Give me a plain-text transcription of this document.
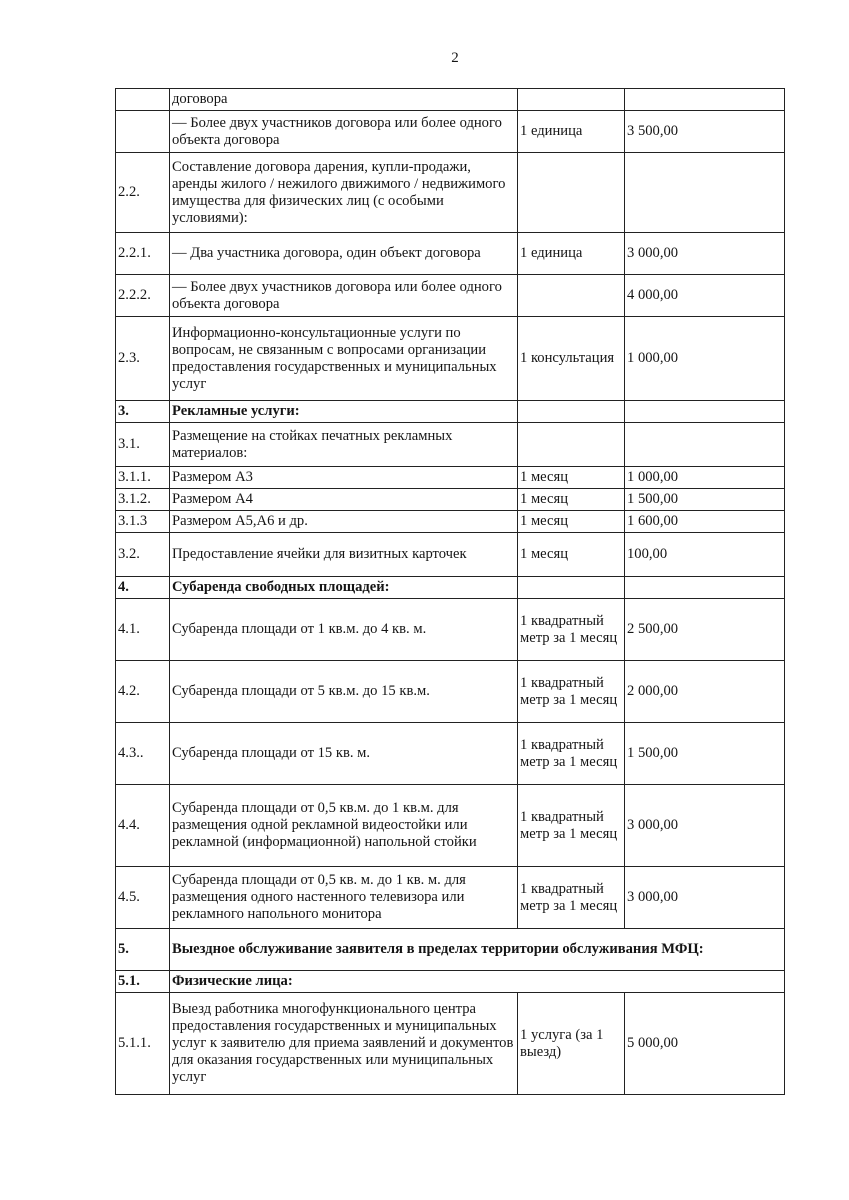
2
	договора		
	— Более двух участников договора или более одного объекта договора	1 единица	3 500,00
2.2.	Составление договора дарения, купли-продажи, аренды жилого / нежилого движимого / недвижимого имущества для физических лиц (с особыми условиями):		
2.2.1.	— Два участника договора, один объект договора	1 единица	3 000,00
2.2.2.	— Более двух участников договора или более одного объекта договора		4 000,00
2.3.	Информационно-консультационные услуги по вопросам, не связанным с вопросами организации предоставления государственных и муниципальных услуг	1 консультация	1 000,00
3.	Рекламные услуги:		
3.1.	Размещение на стойках печатных рекламных материалов:		
3.1.1.	Размером А3	1 месяц	1 000,00
3.1.2.	Размером А4	1 месяц	1 500,00
3.1.3	Размером А5,А6 и др.	1 месяц	1 600,00
3.2.	Предоставление ячейки для визитных карточек	1 месяц	100,00
4.	Субаренда свободных площадей:		
4.1.	Субаренда площади от 1 кв.м. до 4 кв. м.	1 квадратный метр за 1 месяц	2 500,00
4.2.	Субаренда площади от 5 кв.м. до 15 кв.м.	1 квадратный метр за 1 месяц	2 000,00
4.3..	Субаренда площади от 15 кв. м.	1 квадратный метр за 1 месяц	1 500,00
4.4.	Субаренда площади от 0,5 кв.м. до 1 кв.м. для размещения одной рекламной видеостойки или рекламной (информационной) напольной стойки	1 квадратный метр за 1 месяц	3 000,00
4.5.	Субаренда площади от 0,5 кв. м. до 1 кв. м. для размещения одного настенного телевизора или рекламного напольного монитора	1 квадратный метр за 1 месяц	3 000,00
5.	Выездное обслуживание заявителя в пределах территории обслуживания МФЦ:		
5.1.	Физические лица:		
5.1.1.	Выезд работника многофункционального центра предоставления государственных и муниципальных услуг к заявителю для приема заявлений и документов для оказания государственных или муниципальных услуг	1 услуга (за 1 выезд)	5 000,00
